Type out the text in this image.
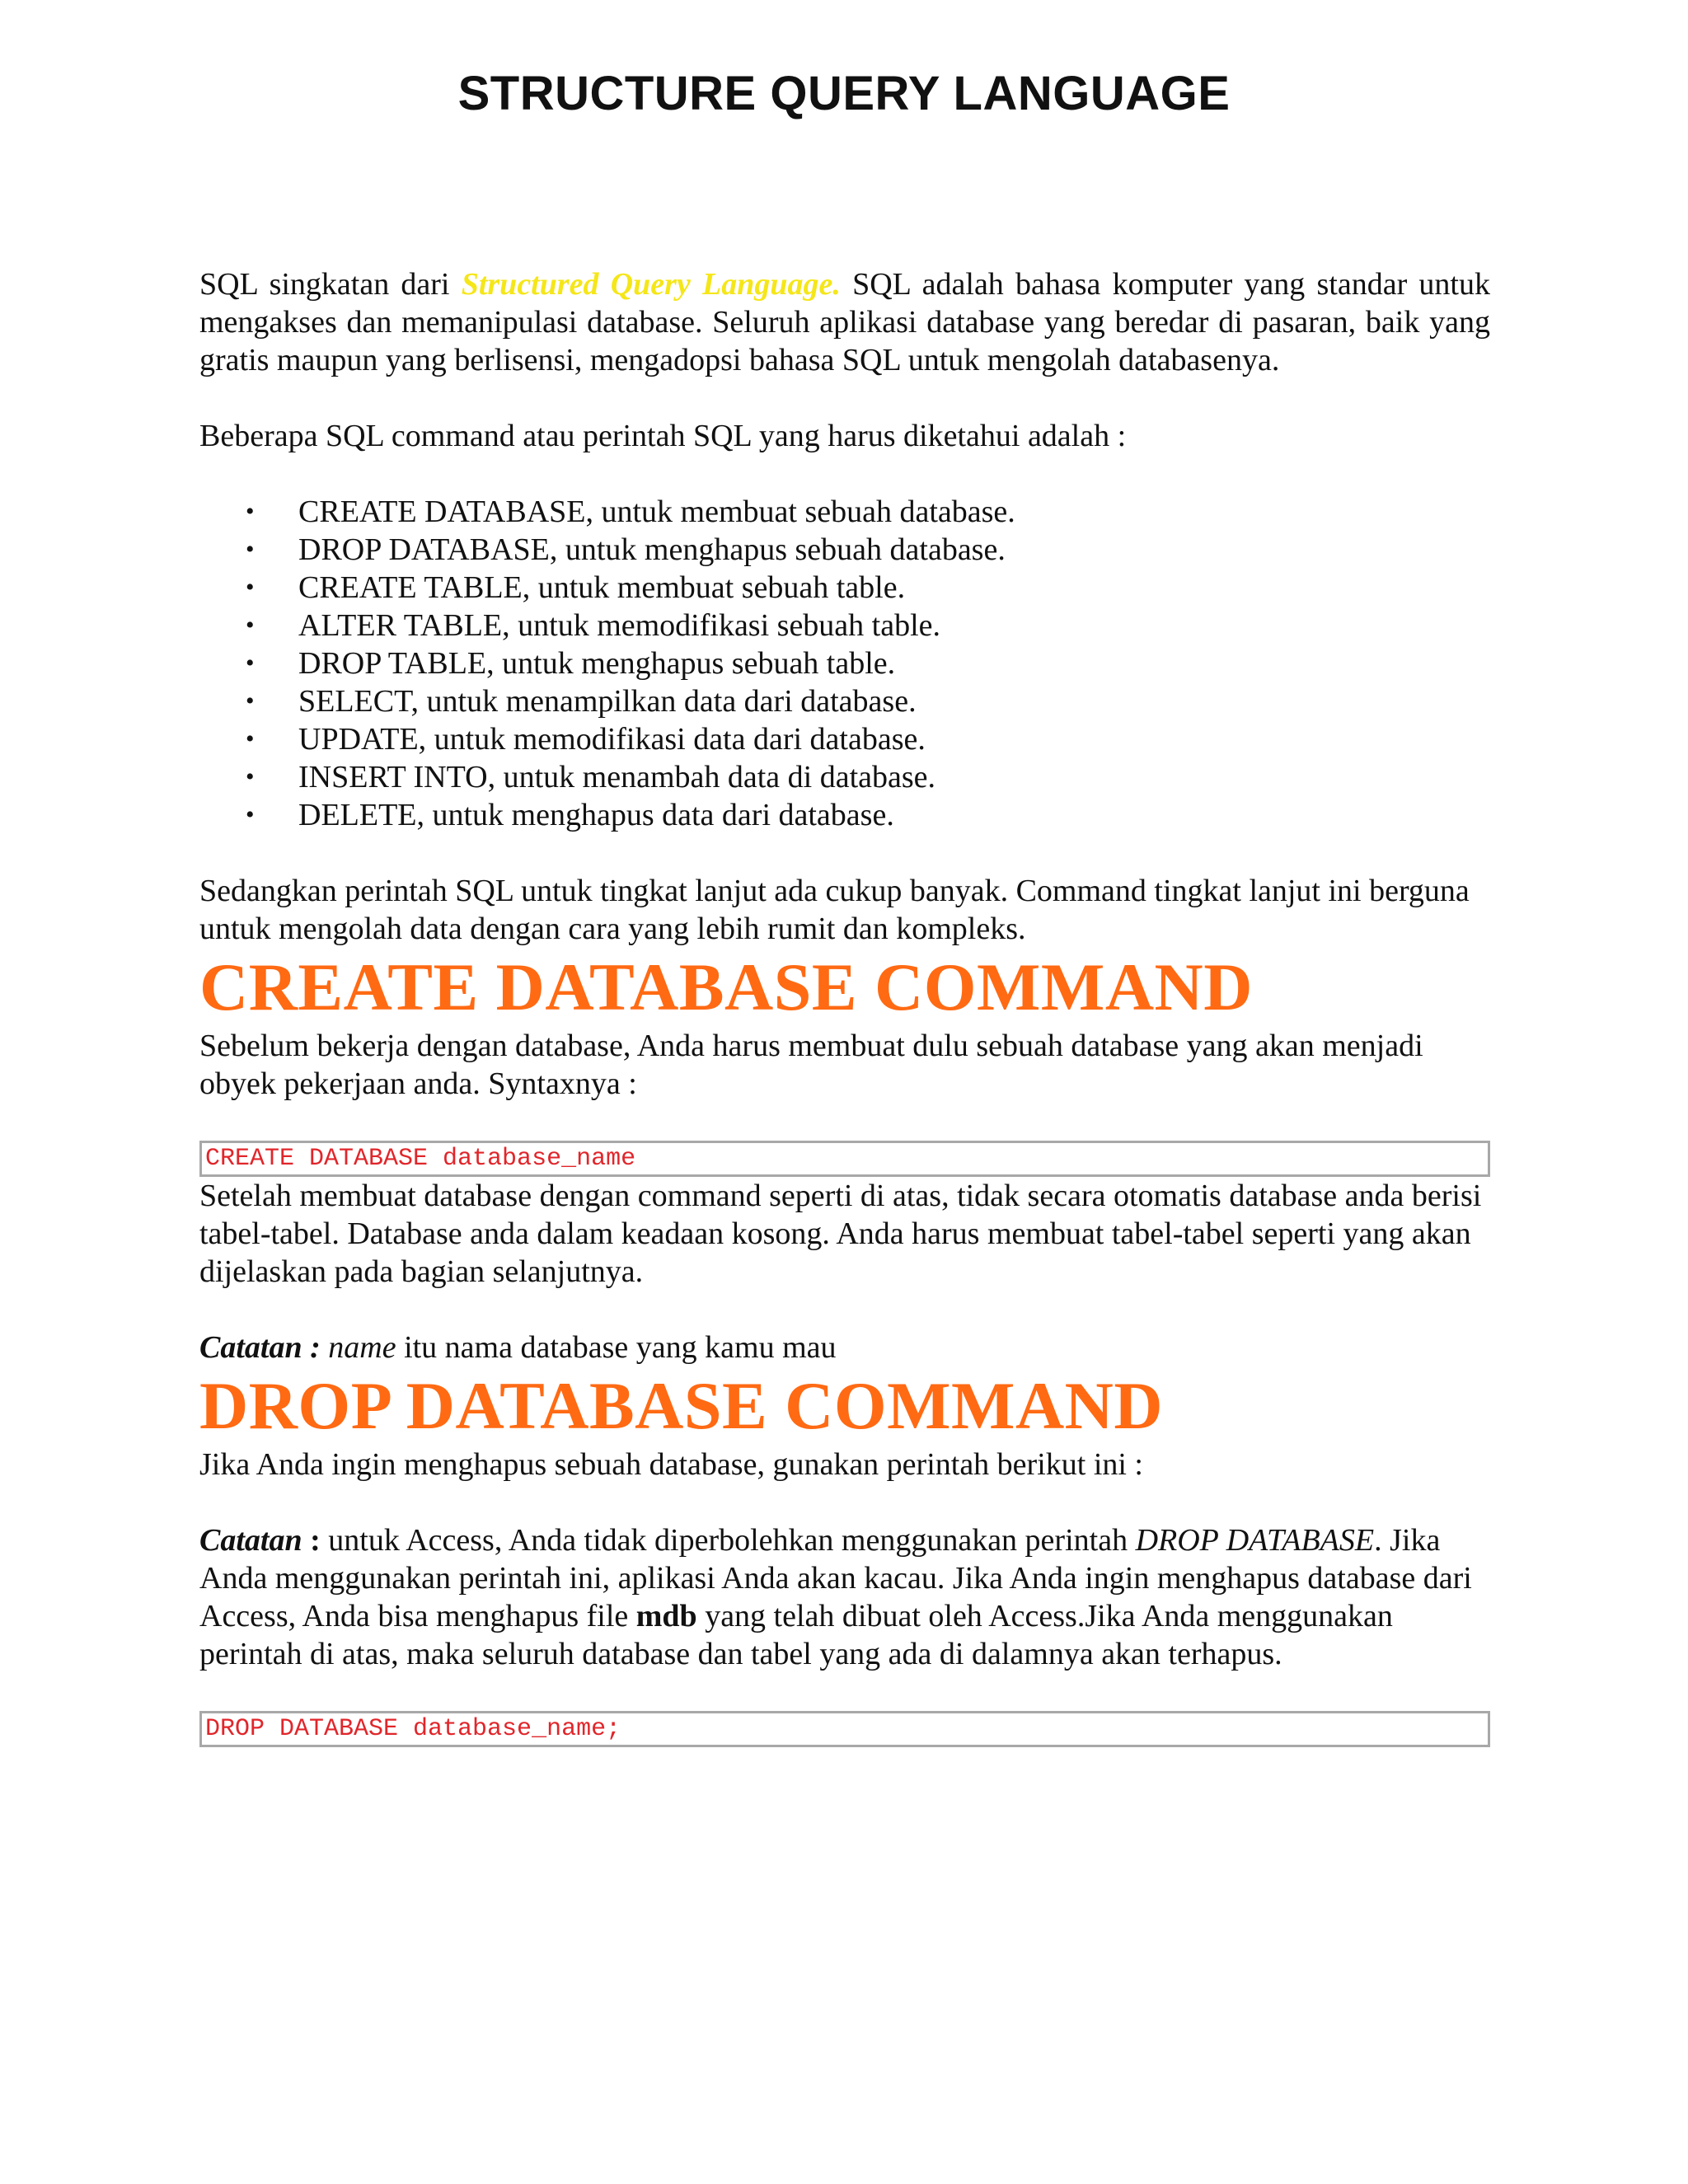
STRUCTURE QUERY LANGUAGE

SQL singkatan dari Structured Query Language. SQL adalah bahasa komputer yang standar untuk mengakses dan memanipulasi database. Seluruh aplikasi database yang beredar di pasaran, baik yang gratis maupun yang berlisensi, mengadopsi bahasa SQL untuk mengolah databasenya.

Beberapa SQL command atau perintah SQL yang harus diketahui adalah :

• CREATE DATABASE, untuk membuat sebuah database.
• DROP DATABASE, untuk menghapus sebuah database.
• CREATE TABLE, untuk membuat sebuah table.
• ALTER TABLE, untuk memodifikasi sebuah table.
• DROP TABLE, untuk menghapus sebuah table.
• SELECT, untuk menampilkan data dari database.
• UPDATE, untuk memodifikasi data dari database.
• INSERT INTO, untuk menambah data di database.
• DELETE, untuk menghapus data dari database.

Sedangkan perintah SQL untuk tingkat lanjut ada cukup banyak. Command tingkat lanjut ini berguna untuk mengolah data dengan cara yang lebih rumit dan kompleks.

CREATE DATABASE COMMAND

Sebelum bekerja dengan database, Anda harus membuat dulu sebuah database yang akan menjadi obyek pekerjaan anda. Syntaxnya :

CREATE DATABASE database_name

Setelah membuat database dengan command seperti di atas, tidak secara otomatis database anda berisi tabel-tabel. Database anda dalam keadaan kosong. Anda harus membuat tabel-tabel seperti yang akan dijelaskan pada bagian selanjutnya.

Catatan : name itu nama database yang kamu mau

DROP DATABASE COMMAND

Jika Anda ingin menghapus sebuah database, gunakan perintah berikut ini :

Catatan : untuk Access, Anda tidak diperbolehkan menggunakan perintah DROP DATABASE. Jika Anda menggunakan perintah ini, aplikasi Anda akan kacau. Jika Anda ingin menghapus database dari Access, Anda bisa menghapus file mdb yang telah dibuat oleh Access.Jika Anda menggunakan perintah di atas, maka seluruh database dan tabel yang ada di dalamnya akan terhapus.

DROP DATABASE database_name;
